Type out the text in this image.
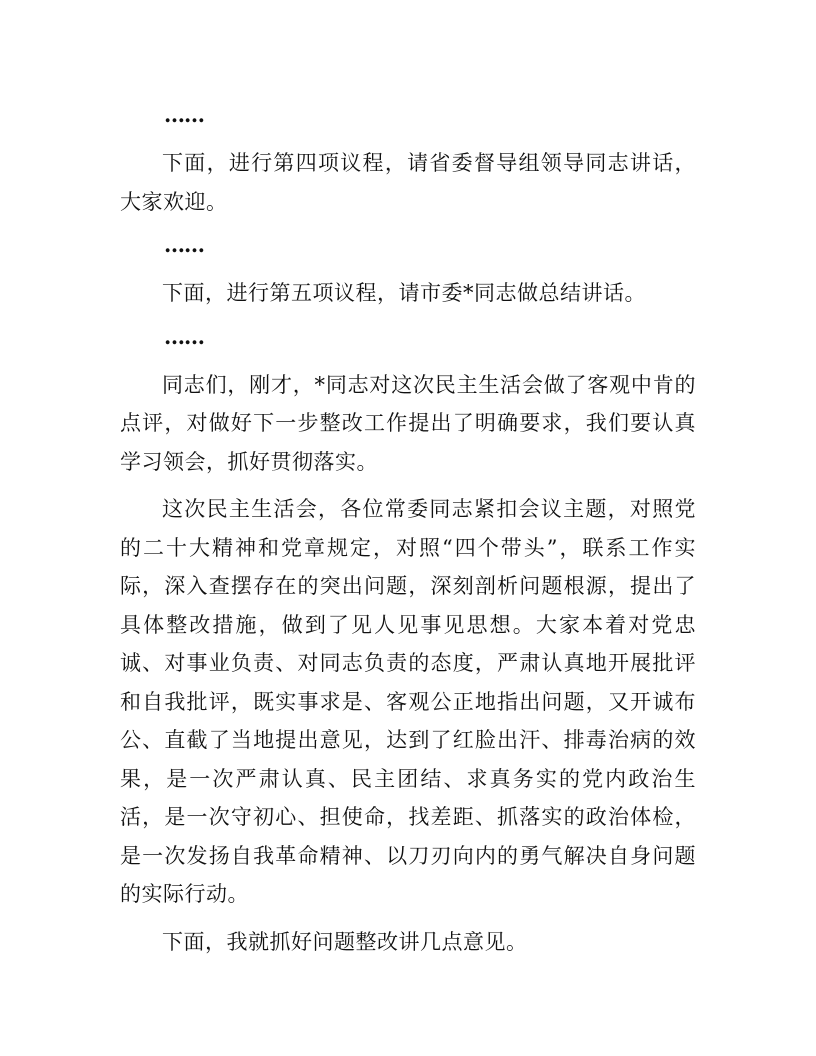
……

下面，进行第四项议程，请省委督导组领导同志讲话，大家欢迎。

……

下面，进行第五项议程，请市委*同志做总结讲话。

……

同志们，刚才，*同志对这次民主生活会做了客观中肯的点评，对做好下一步整改工作提出了明确要求，我们要认真学习领会，抓好贯彻落实。

这次民主生活会，各位常委同志紧扣会议主题，对照党的二十大精神和党章规定，对照“四个带头”，联系工作实际，深入查摆存在的突出问题，深刻剖析问题根源，提出了具体整改措施，做到了见人见事见思想。大家本着对党忠诚、对事业负责、对同志负责的态度，严肃认真地开展批评和自我批评，既实事求是、客观公正地指出问题，又开诚布公、直截了当地提出意见，达到了红脸出汗、排毒治病的效果，是一次严肃认真、民主团结、求真务实的党内政治生活，是一次守初心、担使命，找差距、抓落实的政治体检，是一次发扬自我革命精神、以刀刃向内的勇气解决自身问题的实际行动。

下面，我就抓好问题整改讲几点意见。
